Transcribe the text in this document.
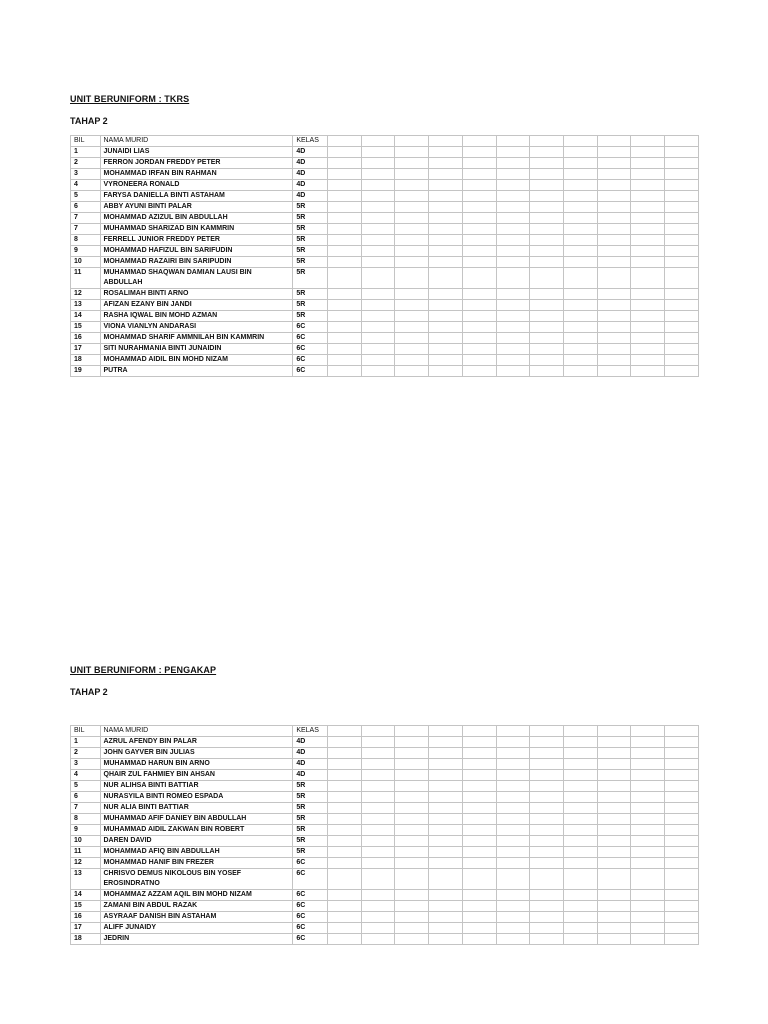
UNIT BERUNIFORM : TKRS

TAHAP 2

BIL	NAMA MURID	KELAS											
1	JUNAIDI LIAS	4D											
2	FERRON JORDAN FREDDY PETER	4D											
3	MOHAMMAD IRFAN BIN RAHMAN	4D											
4	VYRONEERA RONALD	4D											
5	FARYSA DANIELLA BINTI ASTAHAM	4D											
6	ABBY AYUNI BINTI PALAR	5R											
7	MOHAMMAD AZIZUL BIN ABDULLAH	5R											
7	MUHAMMAD SHARIZAD BIN KAMMRIN	5R											
8	FERRELL JUNIOR FREDDY PETER	5R											
9	MOHAMMAD HAFIZUL BIN SARIFUDIN	5R											
10	MOHAMMAD RAZAIRI BIN SARIPUDIN	5R											
11	MUHAMMAD SHAQWAN DAMIAN LAUSI BIN ABDULLAH	5R											
12	ROSALIMAH BINTI ARNO	5R											
13	AFIZAN EZANY BIN JANDI	5R											
14	RASHA IQWAL BIN MOHD AZMAN	5R											
15	VIONA VIANLYN ANDARASI	6C											
16	MOHAMMAD SHARIF AMMNILAH BIN KAMMRIN	6C											
17	SITI NURAHMANIA BINTI JUNAIDIN	6C											
18	MOHAMMAD AIDIL BIN MOHD NIZAM	6C											
19	PUTRA	6C											

UNIT BERUNIFORM : PENGAKAP

TAHAP 2

BIL	NAMA MURID	KELAS											
1	AZRUL AFENDY BIN PALAR	4D											
2	JOHN GAYVER BIN JULIAS	4D											
3	MUHAMMAD HARUN BIN ARNO	4D											
4	QHAIR ZUL FAHMIEY BIN AHSAN	4D											
5	NUR ALIHSA BINTI BATTIAR	5R											
6	NURASYILA BINTI ROMEO ESPADA	5R											
7	NUR ALIA BINTI BATTIAR	5R											
8	MUHAMMAD AFIF DANIEY BIN ABDULLAH	5R											
9	MUHAMMAD AIDIL ZAKWAN BIN ROBERT	5R											
10	DAREN DAVID	5R											
11	MOHAMMAD AFIQ BIN ABDULLAH	5R											
12	MOHAMMAD HANIF BIN FREZER	6C											
13	CHRISVO DEMUS NIKOLOUS BIN YOSEF EROSINDRATNO	6C											
14	MOHAMMAZ AZZAM AQIL BIN MOHD NIZAM	6C											
15	ZAMANI BIN ABDUL RAZAK	6C											
16	ASYRAAF DANISH BIN ASTAHAM	6C											
17	ALIFF JUNAIDY	6C											
18	JEDRIN	6C											
